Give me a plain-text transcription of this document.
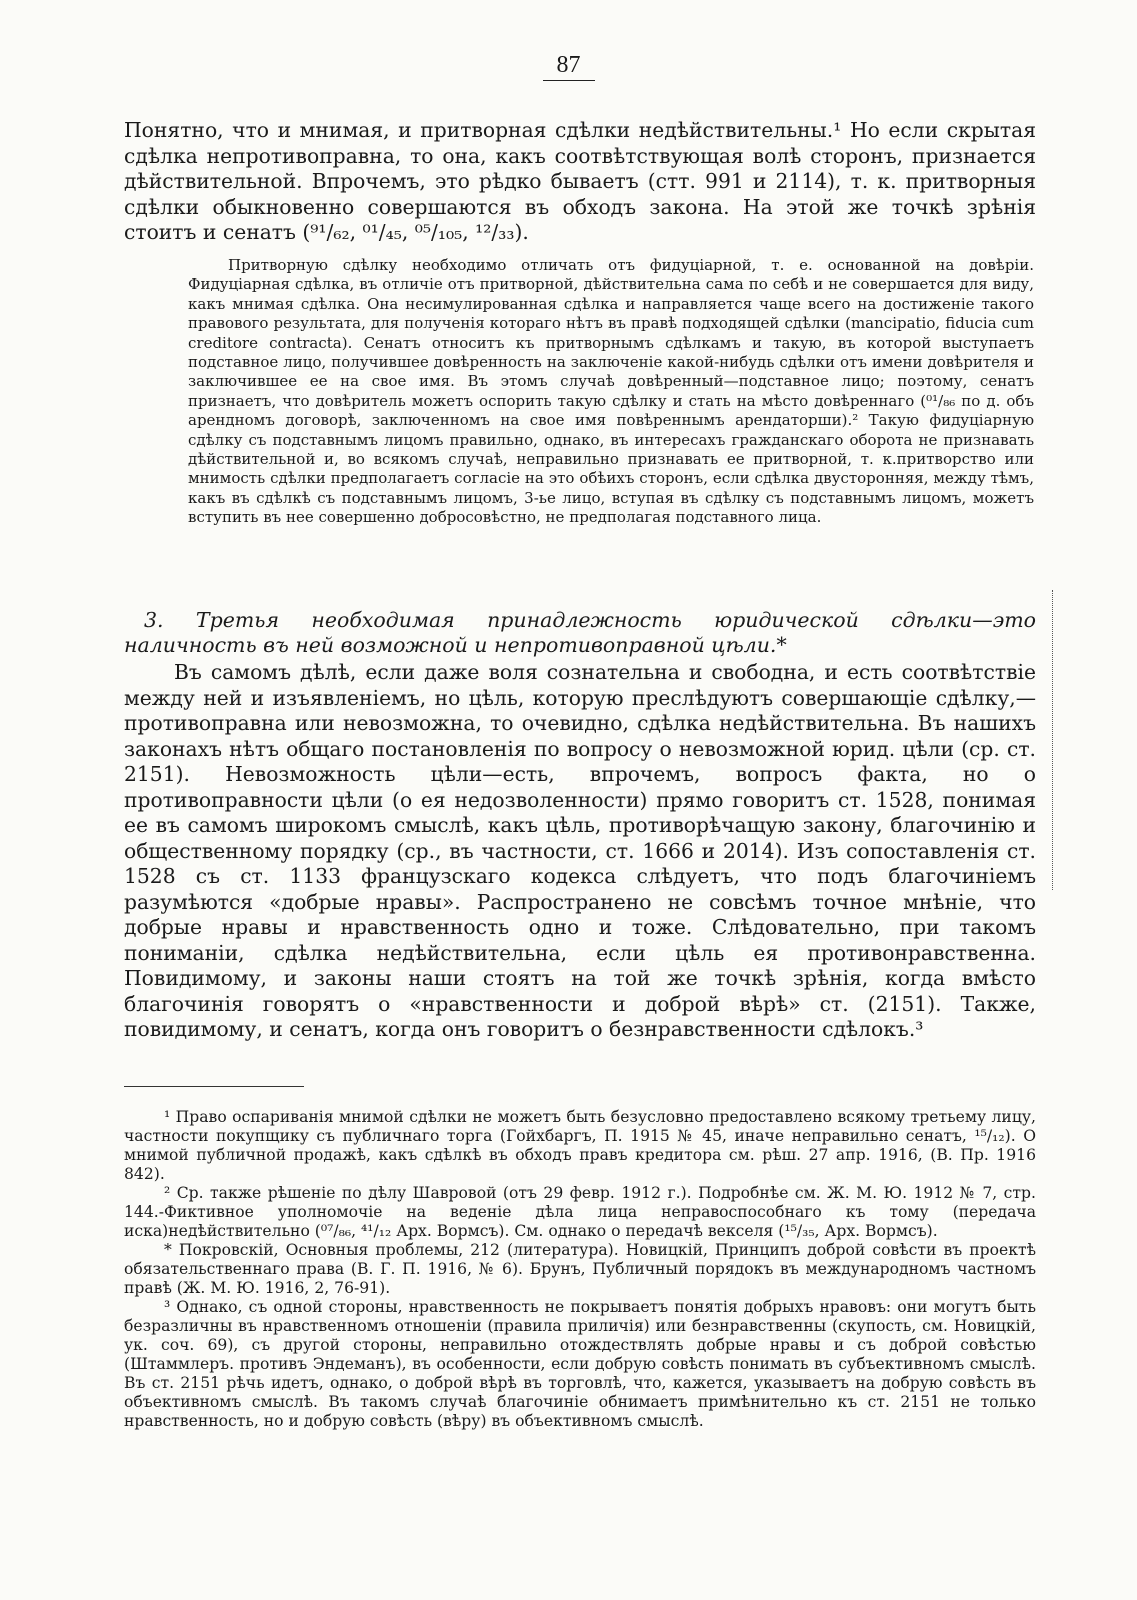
87

Понятно, что и мнимая, и притворная сдѣлки недѣйствительны.¹ Но если скрытая сдѣлка непротивоправна, то она, какъ соотвѣтствующая волѣ сторонъ, признается дѣйствительной. Впрочемъ, это рѣдко бываетъ (стт. 991 и 2114), т. к. притворныя сдѣлки обыкновенно совершаются въ обходъ закона. На этой же точкѣ зрѣнія стоитъ и сенатъ (⁹¹/₆₂, ⁰¹/₄₅, ⁰⁵/₁₀₅, ¹²/₃₃).

Притворную сдѣлку необходимо отличать отъ фидуціарной, т. е. основанной на довѣріи. Фидуціарная сдѣлка, въ отличіе отъ притворной, дѣйствительна сама по себѣ и не совершается для виду, какъ мнимая сдѣлка. Она несимулированная сдѣлка и направляется чаще всего на достиженіе такого правового результата, для полученія котораго нѣтъ въ правѣ подходящей сдѣлки (mancipatio, fiducia cum creditore contracta). Сенатъ относитъ къ притворнымъ сдѣлкамъ и такую, въ которой выступаетъ подставное лицо, получившее довѣренность на заключеніе какой-нибудь сдѣлки отъ имени довѣрителя и заключившее ее на свое имя. Въ этомъ случаѣ довѣренный—подставное лицо; поэтому, сенатъ признаетъ, что довѣритель можетъ оспорить такую сдѣлку и стать на мѣсто довѣреннаго (⁰¹/₈₆ по д. объ арендномъ договорѣ, заключенномъ на свое имя повѣреннымъ арендаторши).² Такую фидуціарную сдѣлку съ подставнымъ лицомъ правильно, однако, въ интересахъ гражданскаго оборота не признавать дѣйствительной и, во всякомъ случаѣ, неправильно признавать ее притворной, т. к.притворство или мнимость сдѣлки предполагаетъ согласіе на это обѣихъ сторонъ, если сдѣлка двусторонняя, между тѣмъ, какъ въ сдѣлкѣ съ подставнымъ лицомъ, 3-ье лицо, вступая въ сдѣлку съ подставнымъ лицомъ, можетъ вступить въ нее совершенно добросовѣстно, не предполагая подставного лица.

3. Третья необходимая принадлежность юридической сдѣлки—это наличность въ ней возможной и непротивоправной цѣли.*

Въ самомъ дѣлѣ, если даже воля сознательна и свободна, и есть соотвѣтствіе между ней и изъявленіемъ, но цѣль, которую преслѣдуютъ совершающіе сдѣлку,—противоправна или невозможна, то очевидно, сдѣлка недѣйствительна. Въ нашихъ законахъ нѣтъ общаго постановленія по вопросу о невозможной юрид. цѣли (ср. ст. 2151). Невозможность цѣли—есть, впрочемъ, вопросъ факта, но о противоправности цѣли (о ея недозволенности) прямо говоритъ ст. 1528, понимая ее въ самомъ широкомъ смыслѣ, какъ цѣль, противорѣчащую закону, благочинію и общественному порядку (ср., въ частности, ст. 1666 и 2014). Изъ сопоставленія ст. 1528 съ ст. 1133 французскаго кодекса слѣдуетъ, что подъ благочиніемъ разумѣются «добрые нравы». Распространено не совсѣмъ точное мнѣніе, что добрые нравы и нравственность одно и тоже. Слѣдовательно, при такомъ пониманіи, сдѣлка недѣйствительна, если цѣль ея противонравственна. Повидимому, и законы наши стоятъ на той же точкѣ зрѣнія, когда вмѣсто благочинія говорятъ о «нравственности и доброй вѣрѣ» ст. (2151). Также, повидимому, и сенатъ, когда онъ говоритъ о безнравственности сдѣлокъ.³

¹ Право оспариванія мнимой сдѣлки не можетъ быть безусловно предоставлено всякому третьему лицу, частности покупщику съ публичнаго торга (Гойхбаргъ, П. 1915 № 45, иначе неправильно сенатъ, ¹⁵/₁₂). О мнимой публичной продажѣ, какъ сдѣлкѣ въ обходъ правъ кредитора см. рѣш. 27 апр. 1916, (В. Пр. 1916 842).

² Ср. также рѣшеніе по дѣлу Шавровой (отъ 29 февр. 1912 г.). Подробнѣе см. Ж. М. Ю. 1912 № 7, стр. 144.-Фиктивное уполномочіе на веденіе дѣла лица неправоспособнаго къ тому (передача иска)недѣйствительно (⁰⁷/₈₆, ⁴¹/₁₂ Арх. Вормсъ). См. однако о передачѣ векселя (¹⁵/₃₅, Арх. Вормсъ).

* Покровскій, Основныя проблемы, 212 (литература). Новицкій, Принципъ доброй совѣсти въ проектѣ обязательственнаго права (В. Г. П. 1916, № 6). Брунъ, Публичный порядокъ въ международномъ частномъ правѣ (Ж. М. Ю. 1916, 2, 76-91).

³ Однако, съ одной стороны, нравственность не покрываетъ понятія добрыхъ нравовъ: они могутъ быть безразличны въ нравственномъ отношеніи (правила приличія) или безнравственны (скупость, см. Новицкій, ук. соч. 69), съ другой стороны, неправильно отождествлять добрые нравы и съ доброй совѣстью (Штаммлеръ. противъ Эндеманъ), въ особенности, если добрую совѣсть понимать въ субъективномъ смыслѣ. Въ ст. 2151 рѣчь идетъ, однако, о доброй вѣрѣ въ торговлѣ, что, кажется, указываетъ на добрую совѣсть въ объективномъ смыслѣ. Въ такомъ случаѣ благочиніе обнимаетъ примѣнительно къ ст. 2151 не только нравственность, но и добрую совѣсть (вѣру) въ объективномъ смыслѣ.
